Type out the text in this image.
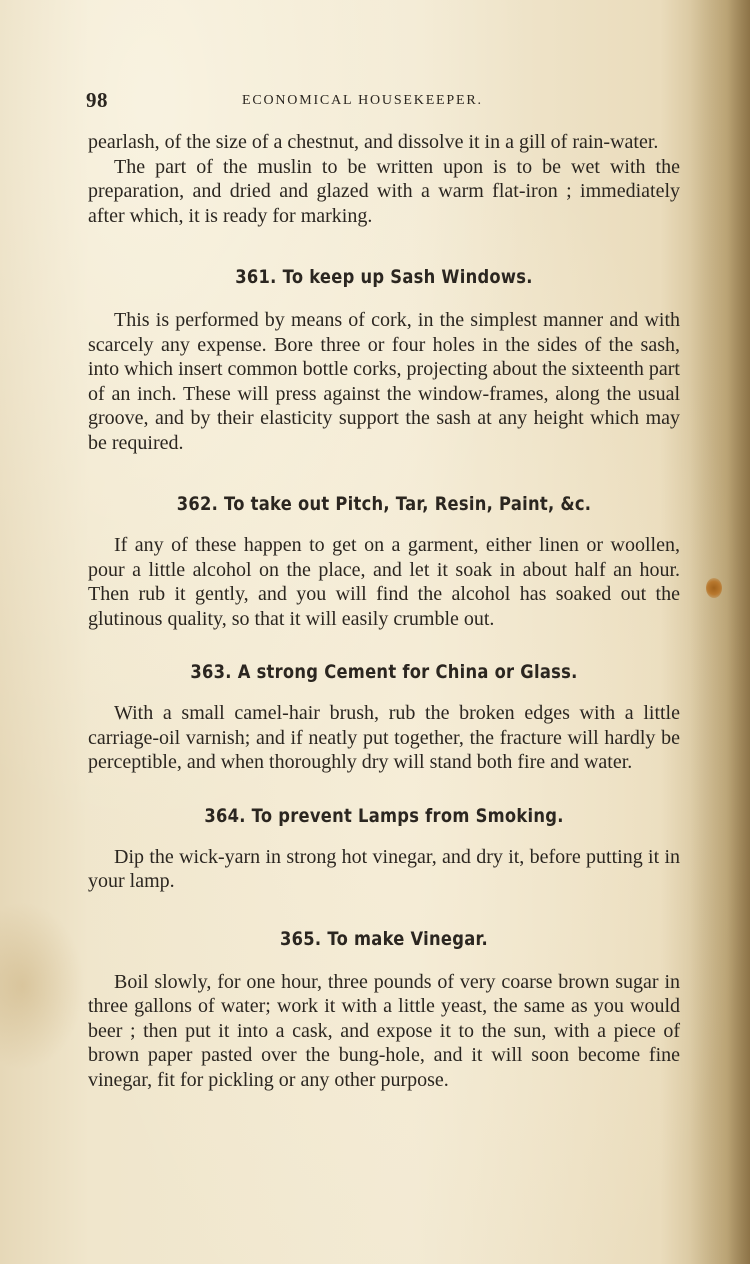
98	ECONOMICAL HOUSEKEEPER.

pearlash, of the size of a chestnut, and dissolve it in a gill of rain-water.

The part of the muslin to be written upon is to be wet with the preparation, and dried and glazed with a warm flat-iron ; immediately after which, it is ready for marking.

361. To keep up Sash Windows.

This is performed by means of cork, in the simplest manner and with scarcely any expense. Bore three or four holes in the sides of the sash, into which insert common bottle corks, projecting about the sixteenth part of an inch. These will press against the window-frames, along the usual groove, and by their elasticity support the sash at any height which may be required.

362. To take out Pitch, Tar, Resin, Paint, &c.

If any of these happen to get on a garment, either linen or woollen, pour a little alcohol on the place, and let it soak in about half an hour. Then rub it gently, and you will find the alcohol has soaked out the glutinous quality, so that it will easily crumble out.

363. A strong Cement for China or Glass.

With a small camel-hair brush, rub the broken edges with a little carriage-oil varnish; and if neatly put together, the fracture will hardly be perceptible, and when thoroughly dry will stand both fire and water.

364. To prevent Lamps from Smoking.

Dip the wick-yarn in strong hot vinegar, and dry it, before putting it in your lamp.

365. To make Vinegar.

Boil slowly, for one hour, three pounds of very coarse brown sugar in three gallons of water; work it with a little yeast, the same as you would beer ; then put it into a cask, and expose it to the sun, with a piece of brown paper pasted over the bung-hole, and it will soon become fine vinegar, fit for pickling or any other purpose.
